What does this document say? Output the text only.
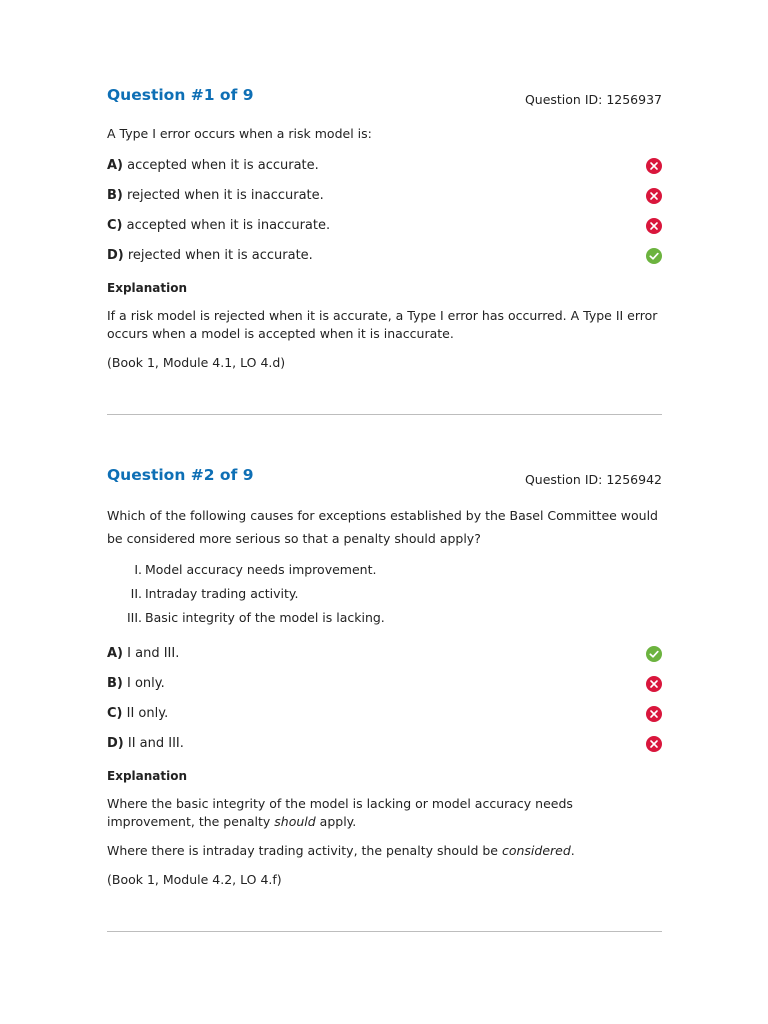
Question #1 of 9	Question ID: 1256937

A Type I error occurs when a risk model is:

A) accepted when it is accurate.
B) rejected when it is inaccurate.
C) accepted when it is inaccurate.
D) rejected when it is accurate.

Explanation

If a risk model is rejected when it is accurate, a Type I error has occurred. A Type II error occurs when a model is accepted when it is inaccurate.

(Book 1, Module 4.1, LO 4.d)

Question #2 of 9	Question ID: 1256942

Which of the following causes for exceptions established by the Basel Committee would be considered more serious so that a penalty should apply?

I. Model accuracy needs improvement.
II. Intraday trading activity.
III. Basic integrity of the model is lacking.
A) I and III.
B) I only.
C) II only.
D) II and III.

Explanation

Where the basic integrity of the model is lacking or model accuracy needs improvement, the penalty should apply.

Where there is intraday trading activity, the penalty should be considered.

(Book 1, Module 4.2, LO 4.f)
